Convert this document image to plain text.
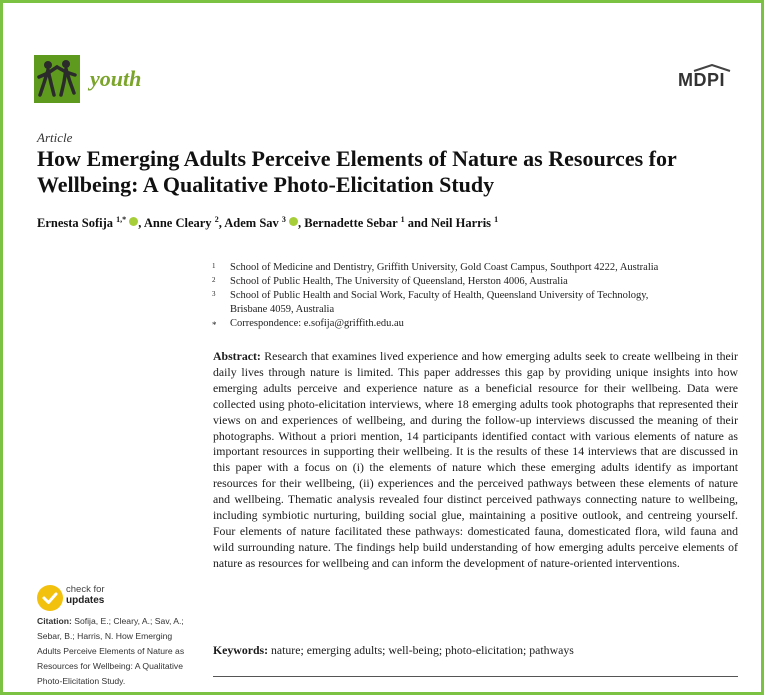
youth	MDPI
Article
How Emerging Adults Perceive Elements of Nature as Resources for Wellbeing: A Qualitative Photo-Elicitation Study
Ernesta Sofija $^{1,*}$ , Anne Cleary $^2$, Adem Sav $^3$ , Bernadette Sebar $^1$ and Neil Harris $^1$
1 School of Medicine and Dentistry, Griffith University, Gold Coast Campus, Southport 4222, Australia
2 School of Public Health, The University of Queensland, Herston 4006, Australia
3 School of Public Health and Social Work, Faculty of Health, Queensland University of Technology,
Brisbane 4059, Australia
* Correspondence: e.sofija@griffith.edu.au
Abstract: Research that examines lived experience and how emerging adults seek to create wellbeing in their daily lives through nature is limited. This paper addresses this gap by providing unique insights into how emerging adults perceive and experience nature as a beneficial resource for their wellbeing. Data were collected using photo-elicitation interviews, where 18 emerging adults took photographs that represented their views on and experiences of wellbeing, and during the follow-up interviews discussed the meaning of their photographs. Without a priori mention, 14 participants identified contact with various elements of nature as important resources in supporting their wellbeing. It is the results of these 14 interviews that are discussed in this paper with a focus on (i) the elements of nature which these emerging adults identify as important resources for their wellbeing, (ii) experiences and the perceived pathways between these elements of nature and wellbeing. Thematic analysis revealed four distinct perceived pathways connecting nature to wellbeing, including symbiotic nurturing, building social glue, maintaining a positive outlook, and centreing yourself. Four elements of nature facilitated these pathways: domesticated fauna, domesticated flora, wild fauna and wild surrounding nature. The findings help build understanding of how emerging adults perceive elements of nature as resources for wellbeing and can inform the development of nature-oriented interventions.
Keywords: nature; emerging adults; well-being; photo-elicitation; pathways
check for
updates
Citation: Sofija, E.; Cleary, A.; Sav, A.; Sebar, B.; Harris, N. How Emerging Adults Perceive Elements of Nature as Resources for Wellbeing: A Qualitative Photo-Elicitation Study.
